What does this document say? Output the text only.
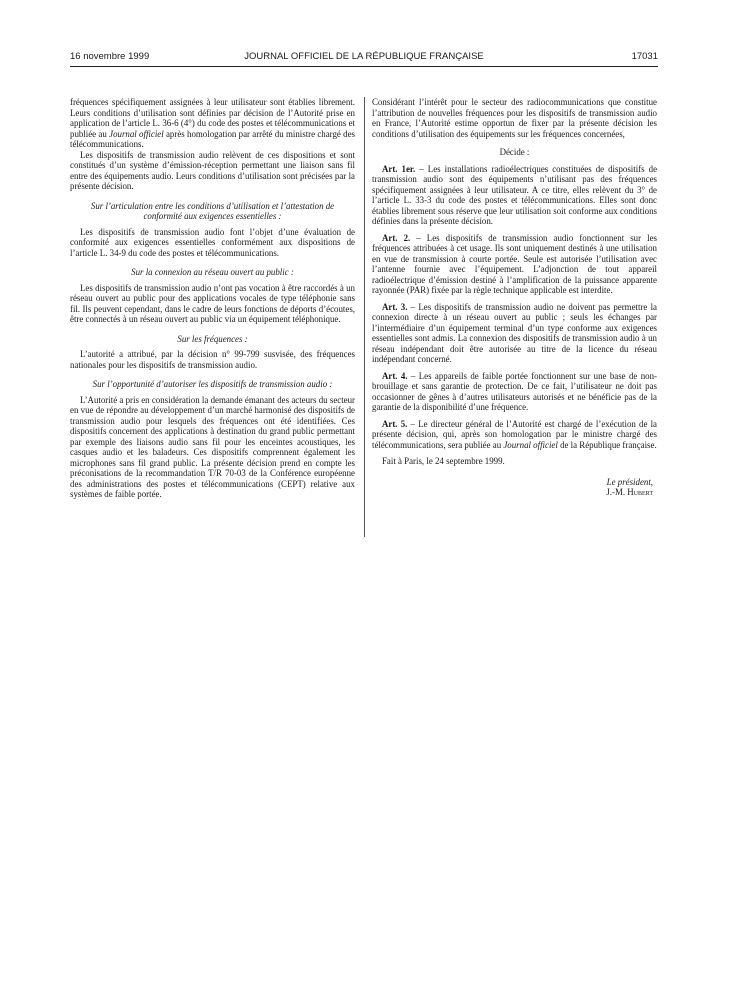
16 novembre 1999	JOURNAL OFFICIEL DE LA RÉPUBLIQUE FRANÇAISE	17031

fréquences spécifiquement assignées à leur utilisateur sont établies librement. Leurs conditions d’utilisation sont définies par décision de l’Autorité prise en application de l’article L. 36-6 (4°) du code des postes et télécommunications et publiée au Journal officiel après homologation par arrêté du ministre chargé des télécommunications.

Les dispositifs de transmission audio relèvent de ces dispositions et sont constitués d’un système d’émission-réception permettant une liaison sans fil entre des équipements audio. Leurs conditions d’utilisation sont précisées par la présente décision.

Sur l’articulation entre les conditions d’utilisation et l’attestation de conformité aux exigences essentielles :

Les dispositifs de transmission audio font l’objet d’une évaluation de conformité aux exigences essentielles conformément aux dispositions de l’article L. 34-9 du code des postes et télécommunications.

Sur la connexion au réseau ouvert au public :

Les dispositifs de transmission audio n’ont pas vocation à être raccordés à un réseau ouvert au public pour des applications vocales de type téléphonie sans fil. Ils peuvent cependant, dans le cadre de leurs fonctions de déports d’écoutes, être connectés à un réseau ouvert au public via un équipement téléphonique.

Sur les fréquences :

L’autorité a attribué, par la décision n° 99-799 susvisée, des fréquences nationales pour les dispositifs de transmission audio.

Sur l’opportunité d’autoriser les dispositifs de transmission audio :

L’Autorité a pris en considération la demande émanant des acteurs du secteur en vue de répondre au développement d’un marché harmonisé des dispositifs de transmission audio pour lesquels des fréquences ont été identifiées. Ces dispositifs concernent des applications à destination du grand public permettant par exemple des liaisons audio sans fil pour les enceintes acoustiques, les casques audio et les baladeurs. Ces dispositifs comprennent également les microphones sans fil grand public. La présente décision prend en compte les préconisations de la recommandation T/R 70-03 de la Conférence européenne des administrations des postes et télécommunications (CEPT) relative aux systèmes de faible portée.

Considérant l’intérêt pour le secteur des radiocommunications que constitue l’attribution de nouvelles fréquences pour les dispositifs de transmission audio en France, l’Autorité estime opportun de fixer par la présente décision les conditions d’utilisation des équipements sur les fréquences concernées,

Décide :

Art. 1er. – Les installations radioélectriques constituées de dispositifs de transmission audio sont des équipements n’utilisant pas des fréquences spécifiquement assignées à leur utilisateur. A ce titre, elles relèvent du 3° de l’article L. 33-3 du code des postes et télécommunications. Elles sont donc établies librement sous réserve que leur utilisation soit conforme aux conditions définies dans la présente décision.

Art. 2. – Les dispositifs de transmission audio fonctionnent sur les fréquences attribuées à cet usage. Ils sont uniquement destinés à une utilisation en vue de transmission à courte portée. Seule est autorisée l’utilisation avec l’antenne fournie avec l’équipement. L’adjonction de tout appareil radioélectrique d’émission destiné à l’amplification de la puissance apparente rayonnée (PAR) fixée par la règle technique applicable est interdite.

Art. 3. – Les dispositifs de transmission audio ne doivent pas permettre la connexion directe à un réseau ouvert au public ; seuls les échanges par l’intermédiaire d’un équipement terminal d’un type conforme aux exigences essentielles sont admis. La connexion des dispositifs de transmission audio à un réseau indépendant doit être autorisée au titre de la licence du réseau indépendant concerné.

Art. 4. – Les appareils de faible portée fonctionnent sur une base de non-brouillage et sans garantie de protection. De ce fait, l’utilisateur ne doit pas occasionner de gênes à d’autres utilisateurs autorisés et ne bénéficie pas de la garantie de la disponibilité d’une fréquence.

Art. 5. – Le directeur général de l’Autorité est chargé de l’exécution de la présente décision, qui, après son homologation par le ministre chargé des télécommunications, sera publiée au Journal officiel de la République française.

Fait à Paris, le 24 septembre 1999.

Le président,
J.-M. Hubert
